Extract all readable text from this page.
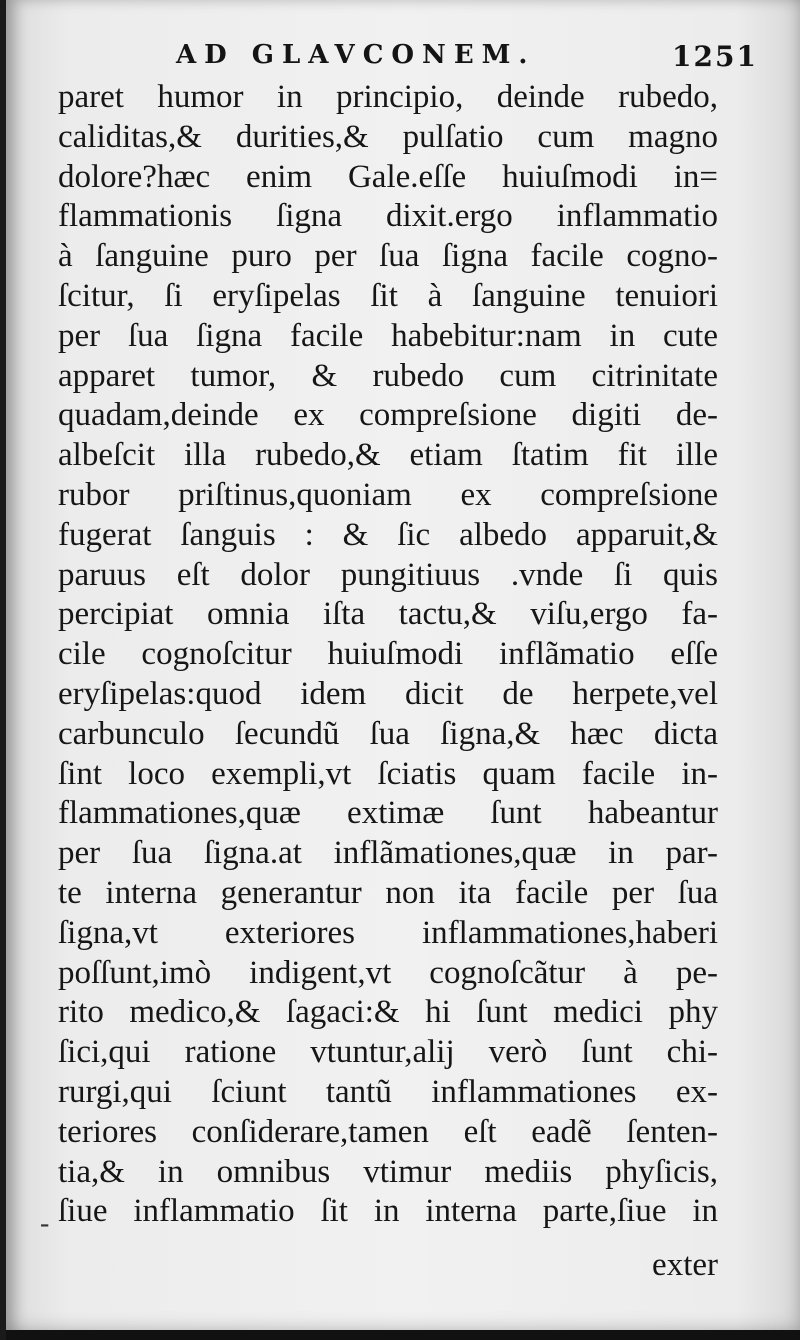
AD GLAVCONEM.	1251
paret humor in principio, deinde rubedo,
caliditas,& durities,& pulſatio cum magno
dolore?hæc enim Gale.eſſe huiuſmodi in=
flammationis ſigna dixit.ergo inflammatio
à ſanguine puro per ſua ſigna facile cogno-
ſcitur, ſi eryſipelas ſit à ſanguine tenuiori
per ſua ſigna facile habebitur:nam in cute
apparet tumor, & rubedo cum citrinitate
quadam,deinde ex compreſsione digiti de-
albeſcit illa rubedo,& etiam ſtatim fit ille
rubor priſtinus,quoniam ex compreſsione
fugerat ſanguis : & ſic albedo apparuit,&
paruus eſt dolor pungitiuus .vnde ſi quis
percipiat omnia iſta tactu,& viſu,ergo fa-
cile cognoſcitur huiuſmodi inflãmatio eſſe
eryſipelas:quod idem dicit de herpete,vel
carbunculo ſecundũ ſua ſigna,& hæc dicta
ſint loco exempli,vt ſciatis quam facile in-
flammationes,quæ extimæ ſunt habeantur
per ſua ſigna.at inflãmationes,quæ in par-
te interna generantur non ita facile per ſua
ſigna,vt exteriores inflammationes,haberi
poſſunt,imò indigent,vt cognoſcãtur à pe-
rito medico,& ſagaci:& hi ſunt medici phy
ſici,qui ratione vtuntur,alij verò ſunt chi-
rurgi,qui ſciunt tantũ inflammationes ex-
teriores conſiderare,tamen eſt eadẽ ſenten-
tia,& in omnibus vtimur mediis phyſicis,
ſiue inflammatio ſit in interna parte,ſiue in
-
exter
